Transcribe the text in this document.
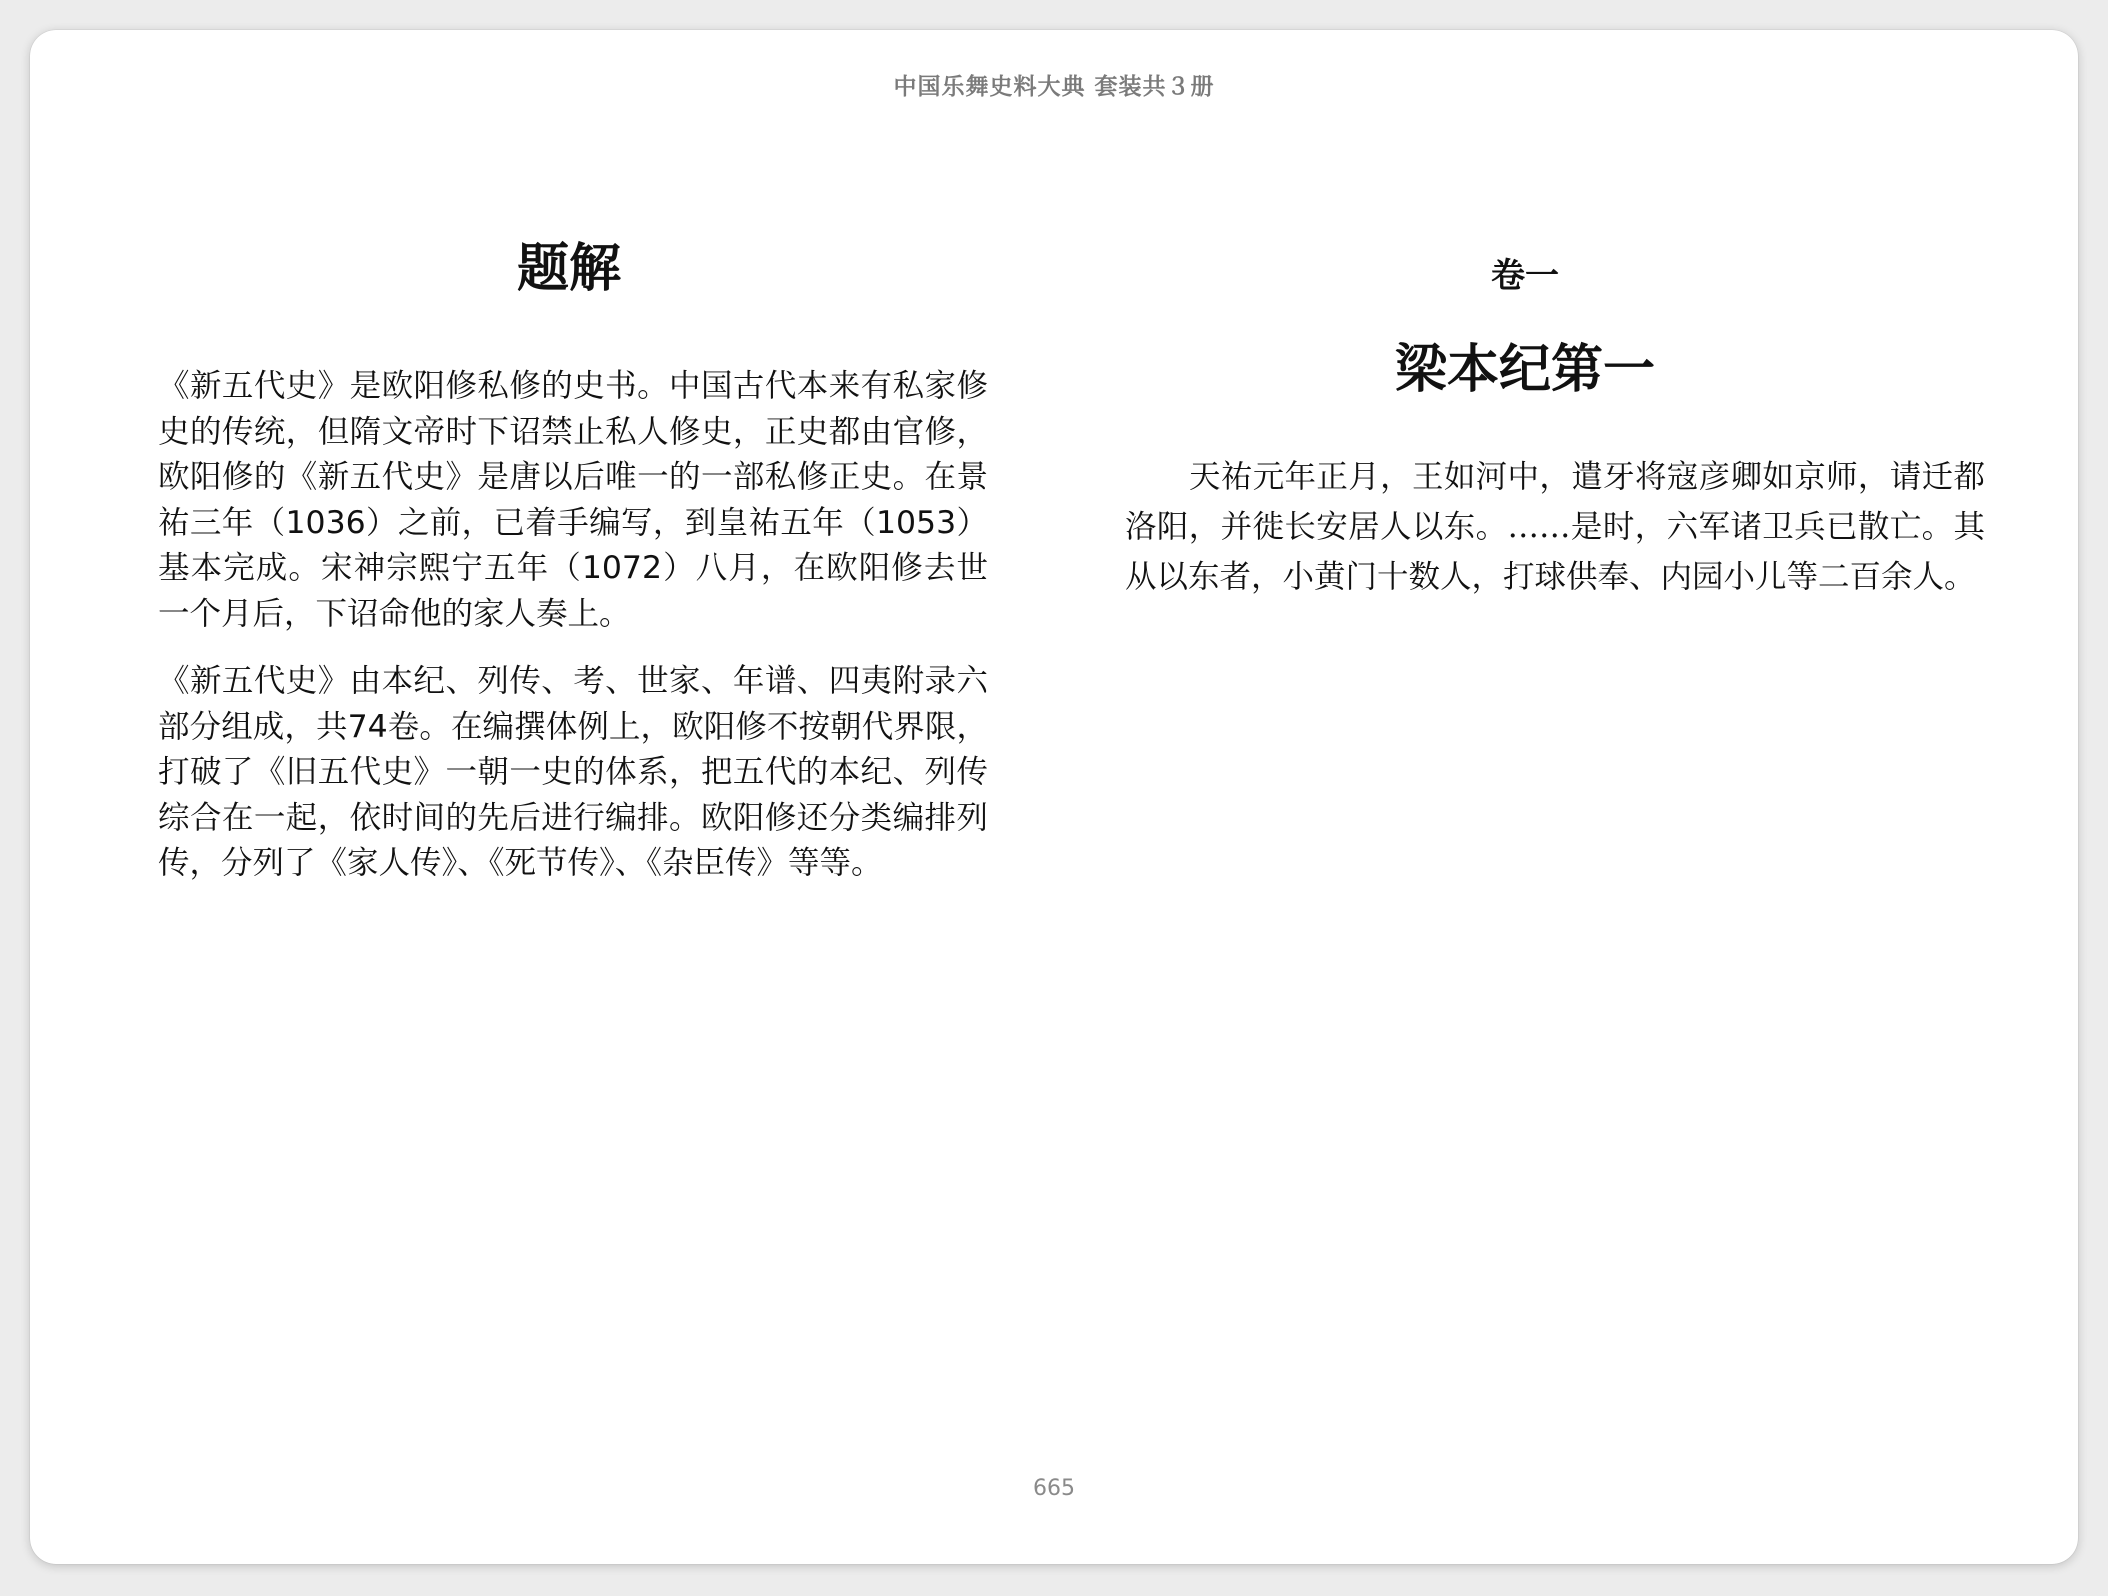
中国乐舞史料大典 套装共３册
题解

《新五代史》是欧阳修私修的史书。中国古代本来有私家修史的传统，但隋文帝时下诏禁止私人修史，正史都由官修，欧阳修的《新五代史》是唐以后唯一的一部私修正史。在景祐三年（1036）之前，已着手编写，到皇祐五年（1053）基本完成。宋神宗熙宁五年（1072）八月，在欧阳修去世一个月后，下诏命他的家人奏上。

《新五代史》由本纪、列传、考、世家、年谱、四夷附录六部分组成，共74卷。在编撰体例上，欧阳修不按朝代界限，打破了《旧五代史》一朝一史的体系，把五代的本纪、列传综合在一起，依时间的先后进行编排。欧阳修还分类编排列传，分列了《家人传》、《死节传》、《杂臣传》等等。

卷一
梁本纪第一
天祐元年正月，王如河中，遣牙将寇彦卿如京师，请迁都洛阳，并徙长安居人以东。……是时，六军诸卫兵已散亡。其从以东者，小黄门十数人，打球供奉、内园小儿等二百余人。
665
